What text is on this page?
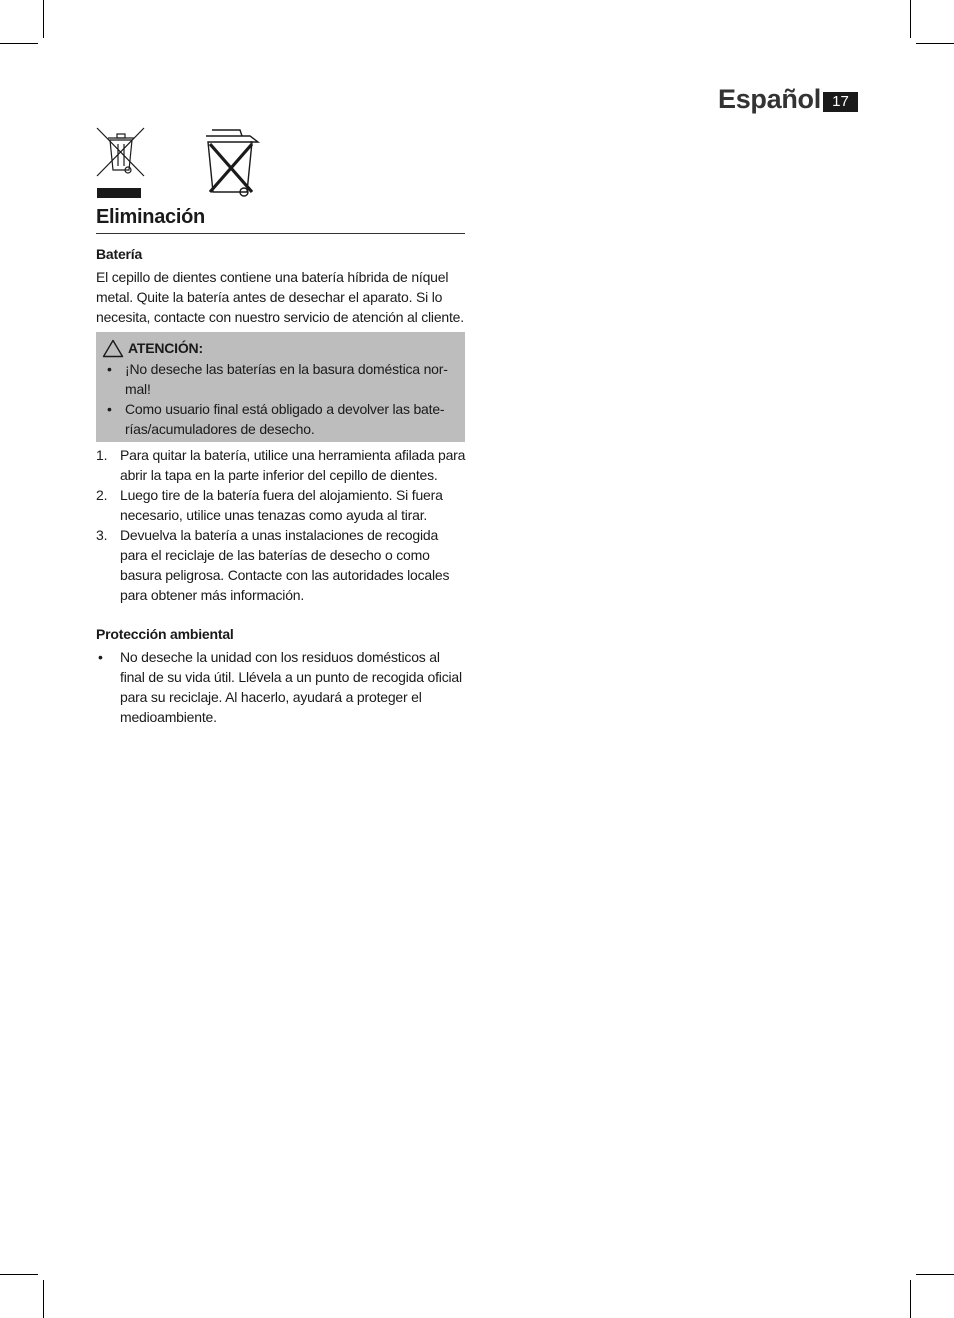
Español 17
Eliminación
Batería

El cepillo de dientes contiene una batería híbrida de níquel metal. Quite la batería antes de desechar el aparato. Si lo necesita, contacte con nuestro servicio de atención al cliente.

ATENCIÓN:
• ¡No deseche las baterías en la basura doméstica nor-mal!
• Como usuario final está obligado a devolver las bate-rías/acumuladores de desecho.
1. Para quitar la batería, utilice una herramienta afilada para abrir la tapa en la parte inferior del cepillo de dientes.
2. Luego tire de la batería fuera del alojamiento. Si fuera necesario, utilice unas tenazas como ayuda al tirar.
3. Devuelva la batería a unas instalaciones de recogida para el reciclaje de las baterías de desecho o como basura peligrosa. Contacte con las autoridades locales para obtener más información.
Protección ambiental
• No deseche la unidad con los residuos domésticos al final de su vida útil. Llévela a un punto de recogida oficial para su reciclaje. Al hacerlo, ayudará a proteger el medioambiente.
